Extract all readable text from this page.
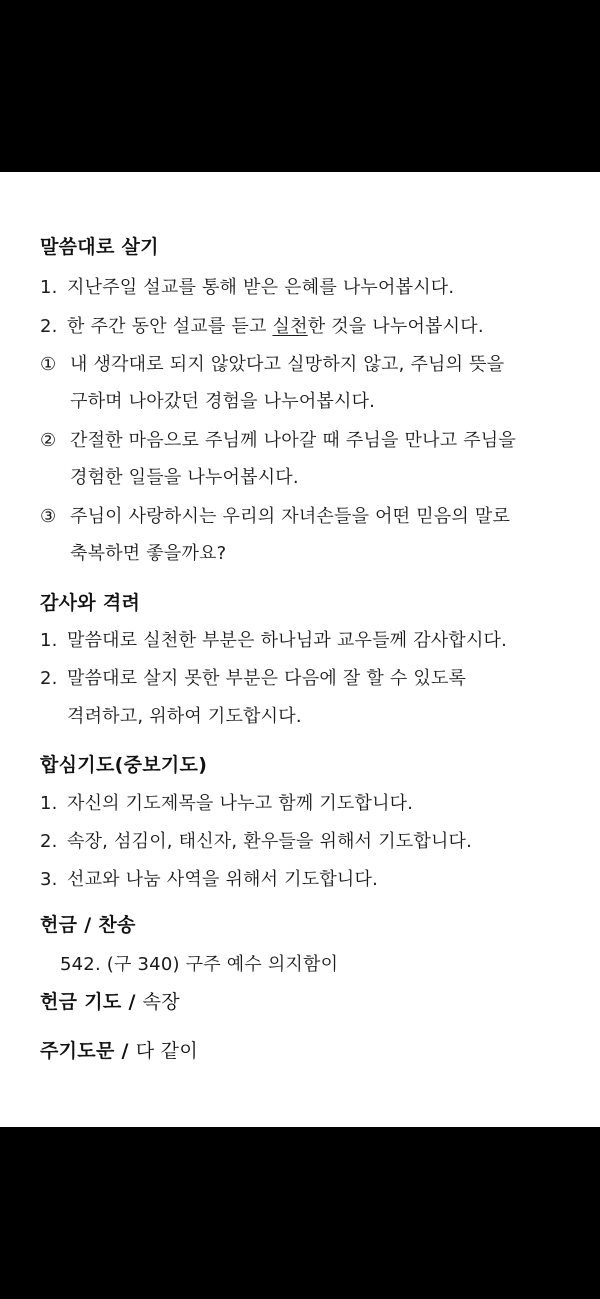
말씀대로 살기
1. 지난주일 설교를 통해 받은 은혜를 나누어봅시다.
2. 한 주간 동안 설교를 듣고 실천한 것을 나누어봅시다.
① 내 생각대로 되지 않았다고 실망하지 않고, 주님의 뜻을
구하며 나아갔던 경험을 나누어봅시다.
② 간절한 마음으로 주님께 나아갈 때 주님을 만나고 주님을
경험한 일들을 나누어봅시다.
③ 주님이 사랑하시는 우리의 자녀손들을 어떤 믿음의 말로
축복하면 좋을까요?
감사와 격려
1. 말씀대로 실천한 부분은 하나님과 교우들께 감사합시다.
2. 말씀대로 살지 못한 부분은 다음에 잘 할 수 있도록
격려하고, 위하여 기도합시다.
합심기도(중보기도)
1. 자신의 기도제목을 나누고 함께 기도합니다.
2. 속장, 섬김이, 태신자, 환우들을 위해서 기도합니다.
3. 선교와 나눔 사역을 위해서 기도합니다.
헌금 / 찬송
542. (구 340) 구주 예수 의지함이
헌금 기도 / 속장
주기도문 / 다 같이
